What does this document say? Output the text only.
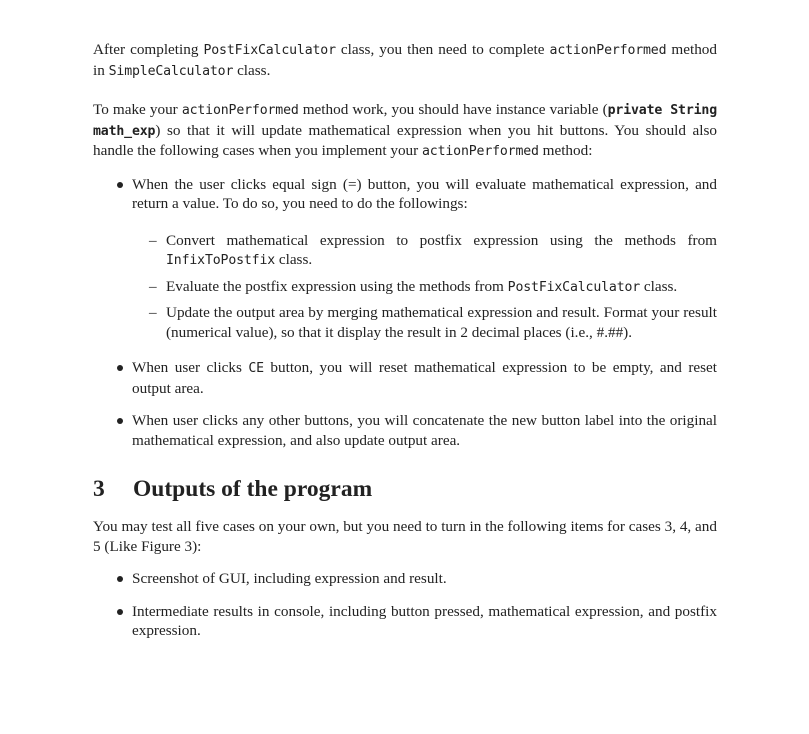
After completing PostFixCalculator class, you then need to complete actionPerformed method in SimpleCalculator class.

To make your actionPerformed method work, you should have instance variable (private String math_exp) so that it will update mathematical expression when you hit buttons. You should also handle the following cases when you implement your actionPerformed method:

When the user clicks equal sign (=) button, you will evaluate mathematical expression, and return a value. To do so, you need to do the followings:
– Convert mathematical expression to postfix expression using the methods from InfixToPostfix class.
– Evaluate the postfix expression using the methods from PostFixCalculator class.
– Update the output area by merging mathematical expression and result. Format your result (numerical value), so that it display the result in 2 decimal places (i.e., #.##).
When user clicks CE button, you will reset mathematical expression to be empty, and reset output area.
When user clicks any other buttons, you will concatenate the new button label into the original mathematical expression, and also update output area.
3 Outputs of the program

You may test all five cases on your own, but you need to turn in the following items for cases 3, 4, and 5 (Like Figure 3):

Screenshot of GUI, including expression and result.
Intermediate results in console, including button pressed, mathematical expression, and postfix expression.
